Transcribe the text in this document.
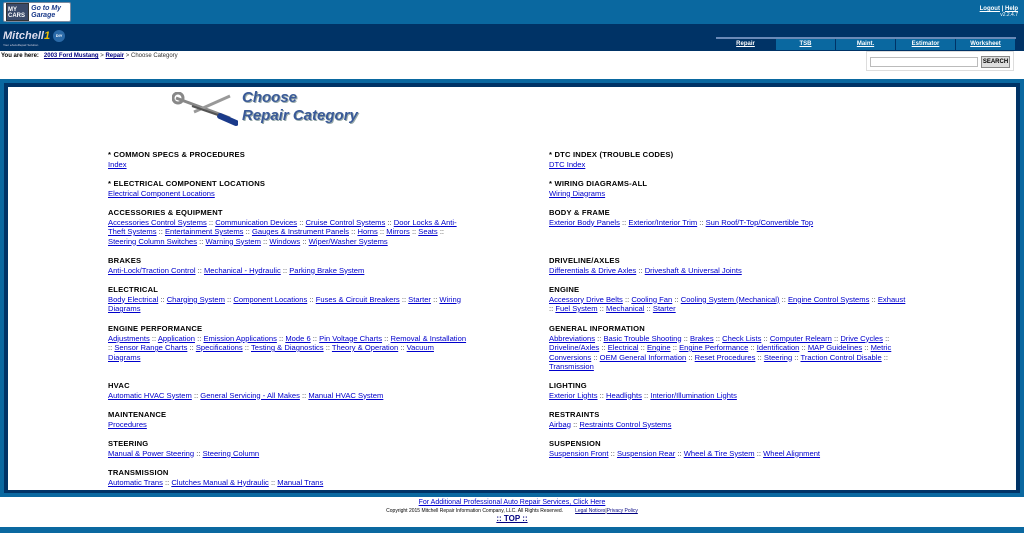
MY CARS
Go to My Garage
Logout | Help
v2.2.4.7
Mitchell1 DIY
Your eAutoRepair Solution	Repair	TSB	Maint.	Estimator	Worksheet
You are here: 2003 Ford Mustang > Repair > Choose Category
SEARCH
Choose
Repair Category
* COMMON SPECS & PROCEDURES
Index
* ELECTRICAL COMPONENT LOCATIONS
Electrical Component Locations
ACCESSORIES & EQUIPMENT
Accessories Control Systems :: Communication Devices :: Cruise Control Systems :: Door Locks & Anti-Theft Systems :: Entertainment Systems :: Gauges & Instrument Panels :: Horns :: Mirrors :: Seats :: Steering Column Switches :: Warning System :: Windows :: Wiper/Washer Systems
BRAKES
Anti-Lock/Traction Control :: Mechanical - Hydraulic :: Parking Brake System
ELECTRICAL
Body Electrical :: Charging System :: Component Locations :: Fuses & Circuit Breakers :: Starter :: Wiring Diagrams
ENGINE PERFORMANCE
Adjustments :: Application :: Emission Applications :: Mode 6 :: Pin Voltage Charts :: Removal & Installation :: Sensor Range Charts :: Specifications :: Testing & Diagnostics :: Theory & Operation :: Vacuum Diagrams
HVAC
Automatic HVAC System :: General Servicing - All Makes :: Manual HVAC System
MAINTENANCE
Procedures
STEERING
Manual & Power Steering :: Steering Column
TRANSMISSION
Automatic Trans :: Clutches Manual & Hydraulic :: Manual Trans
* DTC INDEX (TROUBLE CODES)
DTC Index
* WIRING DIAGRAMS-ALL
Wiring Diagrams
BODY & FRAME
Exterior Body Panels :: Exterior/Interior Trim :: Sun Roof/T-Top/Convertible Top
DRIVELINE/AXLES
Differentials & Drive Axles :: Driveshaft & Universal Joints
ENGINE
Accessory Drive Belts :: Cooling Fan :: Cooling System (Mechanical) :: Engine Control Systems :: Exhaust :: Fuel System :: Mechanical :: Starter
GENERAL INFORMATION
Abbreviations :: Basic Trouble Shooting :: Brakes :: Check Lists :: Computer Relearn :: Drive Cycles :: Driveline/Axles :: Electrical :: Engine :: Engine Performance :: Identification :: MAP Guidelines :: Metric Conversions :: OEM General Information :: Reset Procedures :: Steering :: Traction Control Disable :: Transmission
LIGHTING
Exterior Lights :: Headlights :: Interior/Illumination Lights
RESTRAINTS
Airbag :: Restraints Control Systems
SUSPENSION
Suspension Front :: Suspension Rear :: Wheel & Tire System :: Wheel Alignment
For Additional Professional Auto Repair Services, Click Here
Copyright 2015 Mitchell Repair Information Company, LLC. All Rights Reserved. Legal Notices|Privacy Policy
:: TOP ::
